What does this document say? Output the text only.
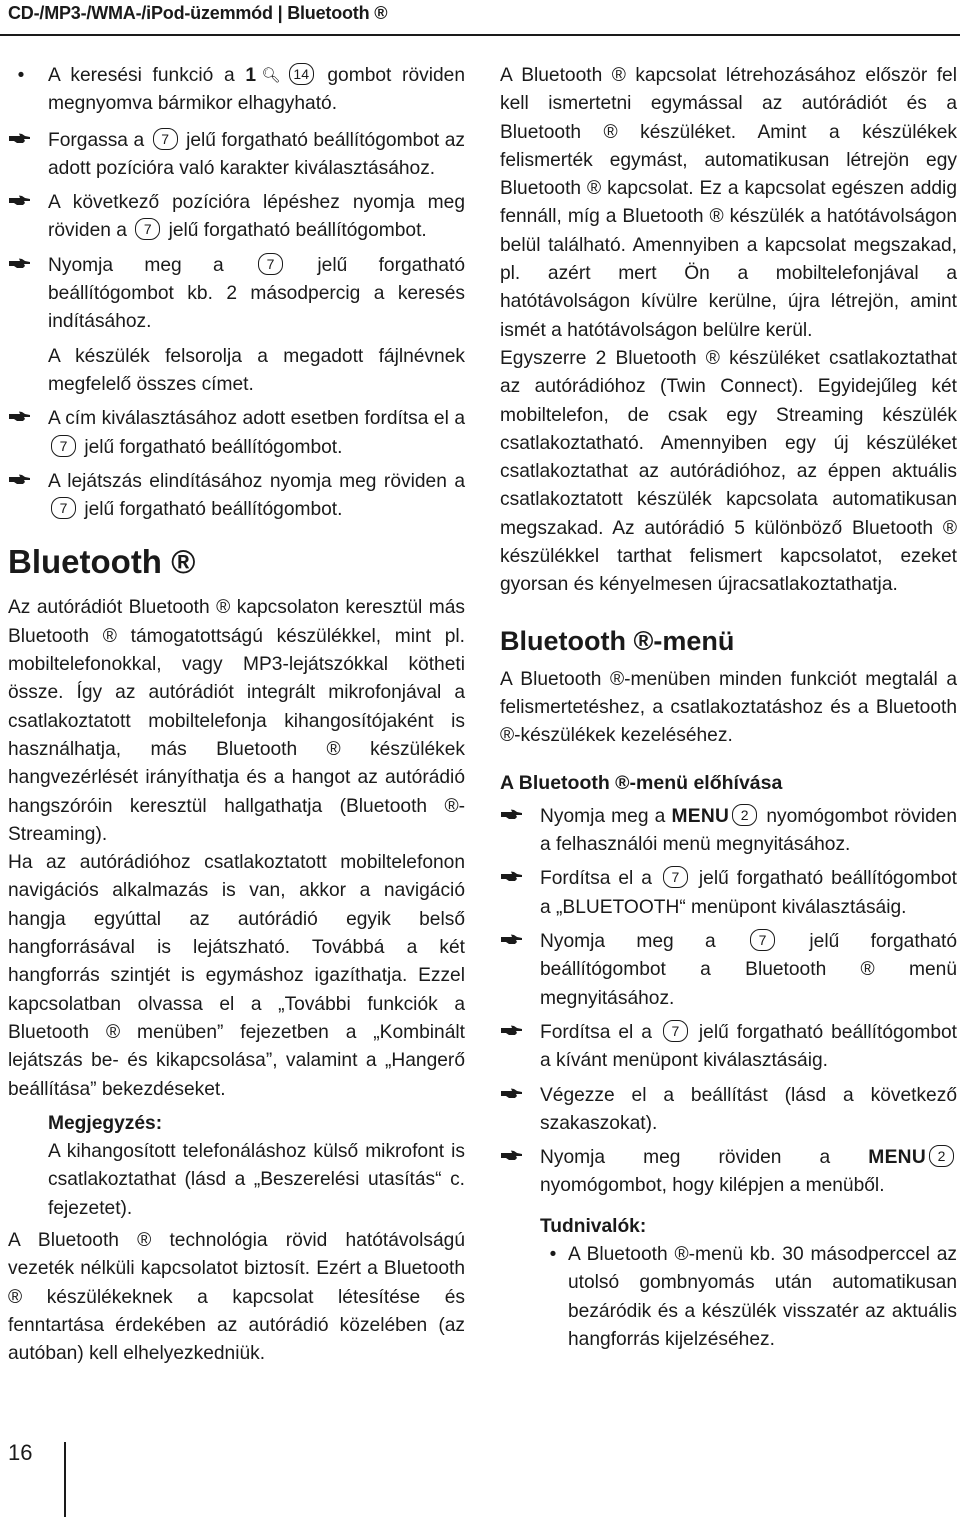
CD-/MP3-/WMA-/iPod-üzemmód | Bluetooth ®
•	A keresési funkció a 1🔍︎ 14 gombot röviden megnyomva bármikor elhagyható.
Forgassa a 7 jelű forgatható beállítógombot az adott pozícióra való karakter kiválasztásához.
A következő pozícióra lépéshez nyomja meg röviden a 7 jelű forgatható beállítógombot.
Nyomja meg a 7 jelű forgatható beállítógombot kb. 2 másodpercig a keresés indításához.

A készülék felsorolja a megadott fájlnévnek megfelelő összes címet.

A cím kiválasztásához adott esetben fordítsa el a 7 jelű forgatható beállítógombot.
A lejátszás elindításához nyomja meg röviden a 7 jelű forgatható beállítógombot.
Bluetooth ®

Az autórádiót Bluetooth ® kapcsolaton keresztül más Bluetooth ® támogatottságú készülékkel, mint pl. mobiltelefonokkal, vagy MP3-lejátszókkal kötheti össze. Így az autórádiót integrált mikrofonjával a csatlakoztatott mobiltelefonja kihangosítójaként is használhatja, más Bluetooth ® készülékek hangvezérlését irányíthatja és a hangot az autórádió hangszóróin keresztül hallgathatja (Bluetooth ®-Streaming).

Ha az autórádióhoz csatlakoztatott mobiltelefonon navigációs alkalmazás is van, akkor a navigáció hangja egyúttal az autórádió egyik belső hangforrásával is lejátszható. Továbbá a két hangforrás szintjét is egymáshoz igazíthatja. Ezzel kapcsolatban olvassa el a „További funkciók a Bluetooth ® menüben” fejezetben a „Kombinált lejátszás be- és kikapcsolása”, valamint a „Hangerő beállítása” bekezdéseket.

Megjegyzés:

A kihangosított telefonáláshoz külső mikrofont is csatlakoztathat (lásd a „Beszerelési utasítás“ c. fejezetet).

A Bluetooth ® technológia rövid hatótávolságú vezeték nélküli kapcsolatot biztosít. Ezért a Bluetooth ® készülékeknek a kapcsolat létesítése és fenntartása érdekében az autórádió közelében (az autóban) kell elhelyezkedniük.

A Bluetooth ® kapcsolat létrehozásához először fel kell ismertetni egymással az autórádiót és a Bluetooth ® készüléket. Amint a készülékek felismerték egymást, automatikusan létrejön egy Bluetooth ® kapcsolat. Ez a kapcsolat egészen addig fennáll, míg a Bluetooth ® készülék a hatótávolságon belül található. Amennyiben a kapcsolat megszakad, pl. azért mert Ön a mobiltelefonjával a hatótávolságon kívülre kerülne, újra létrejön, amint ismét a hatótávolságon belülre kerül.

Egyszerre 2 Bluetooth ® készüléket csatlakoztathat az autórádióhoz (Twin Connect). Egyidejűleg két mobiltelefon, de csak egy Streaming készülék csatlakoztatható. Amennyiben egy új készüléket csatlakoztathat az autórádióhoz, az éppen aktuális csatlakoztatott készülék kapcsolata automatikusan megszakad. Az autórádió 5 különböző Bluetooth ® készülékkel tarthat felismert kapcsolatot, ezeket gyorsan és kényelmesen újracsatlakoztathatja.

Bluetooth ®-menü

A Bluetooth ®-menüben minden funkciót megtalál a felismertetéshez, a csatlakoztatáshoz és a Bluetooth ®-készülékek kezeléséhez.

A Bluetooth ®-menü előhívása
Nyomja meg a MENU 2 nyomógombot röviden a felhasználói menü megnyitásához.
Fordítsa el a 7 jelű forgatható beállítógombot a „BLUETOOTH“ menüpont kiválasztásáig.
Nyomja meg a 7 jelű forgatható beállítógombot a Bluetooth ® menü megnyitásához.
Fordítsa el a 7 jelű forgatható beállítógombot a kívánt menüpont kiválasztásáig.
Végezze el a beállítást (lásd a következő szakaszokat).
Nyomja meg röviden a MENU 2 nyomógombot, hogy kilépjen a menüből.

Tudnivalók:

• A Bluetooth ®-menü kb. 30 másodperccel az utolsó gombnyomás után automatikusan bezáródik és a készülék visszatér az aktuális hangforrás kijelzéséhez.
16
